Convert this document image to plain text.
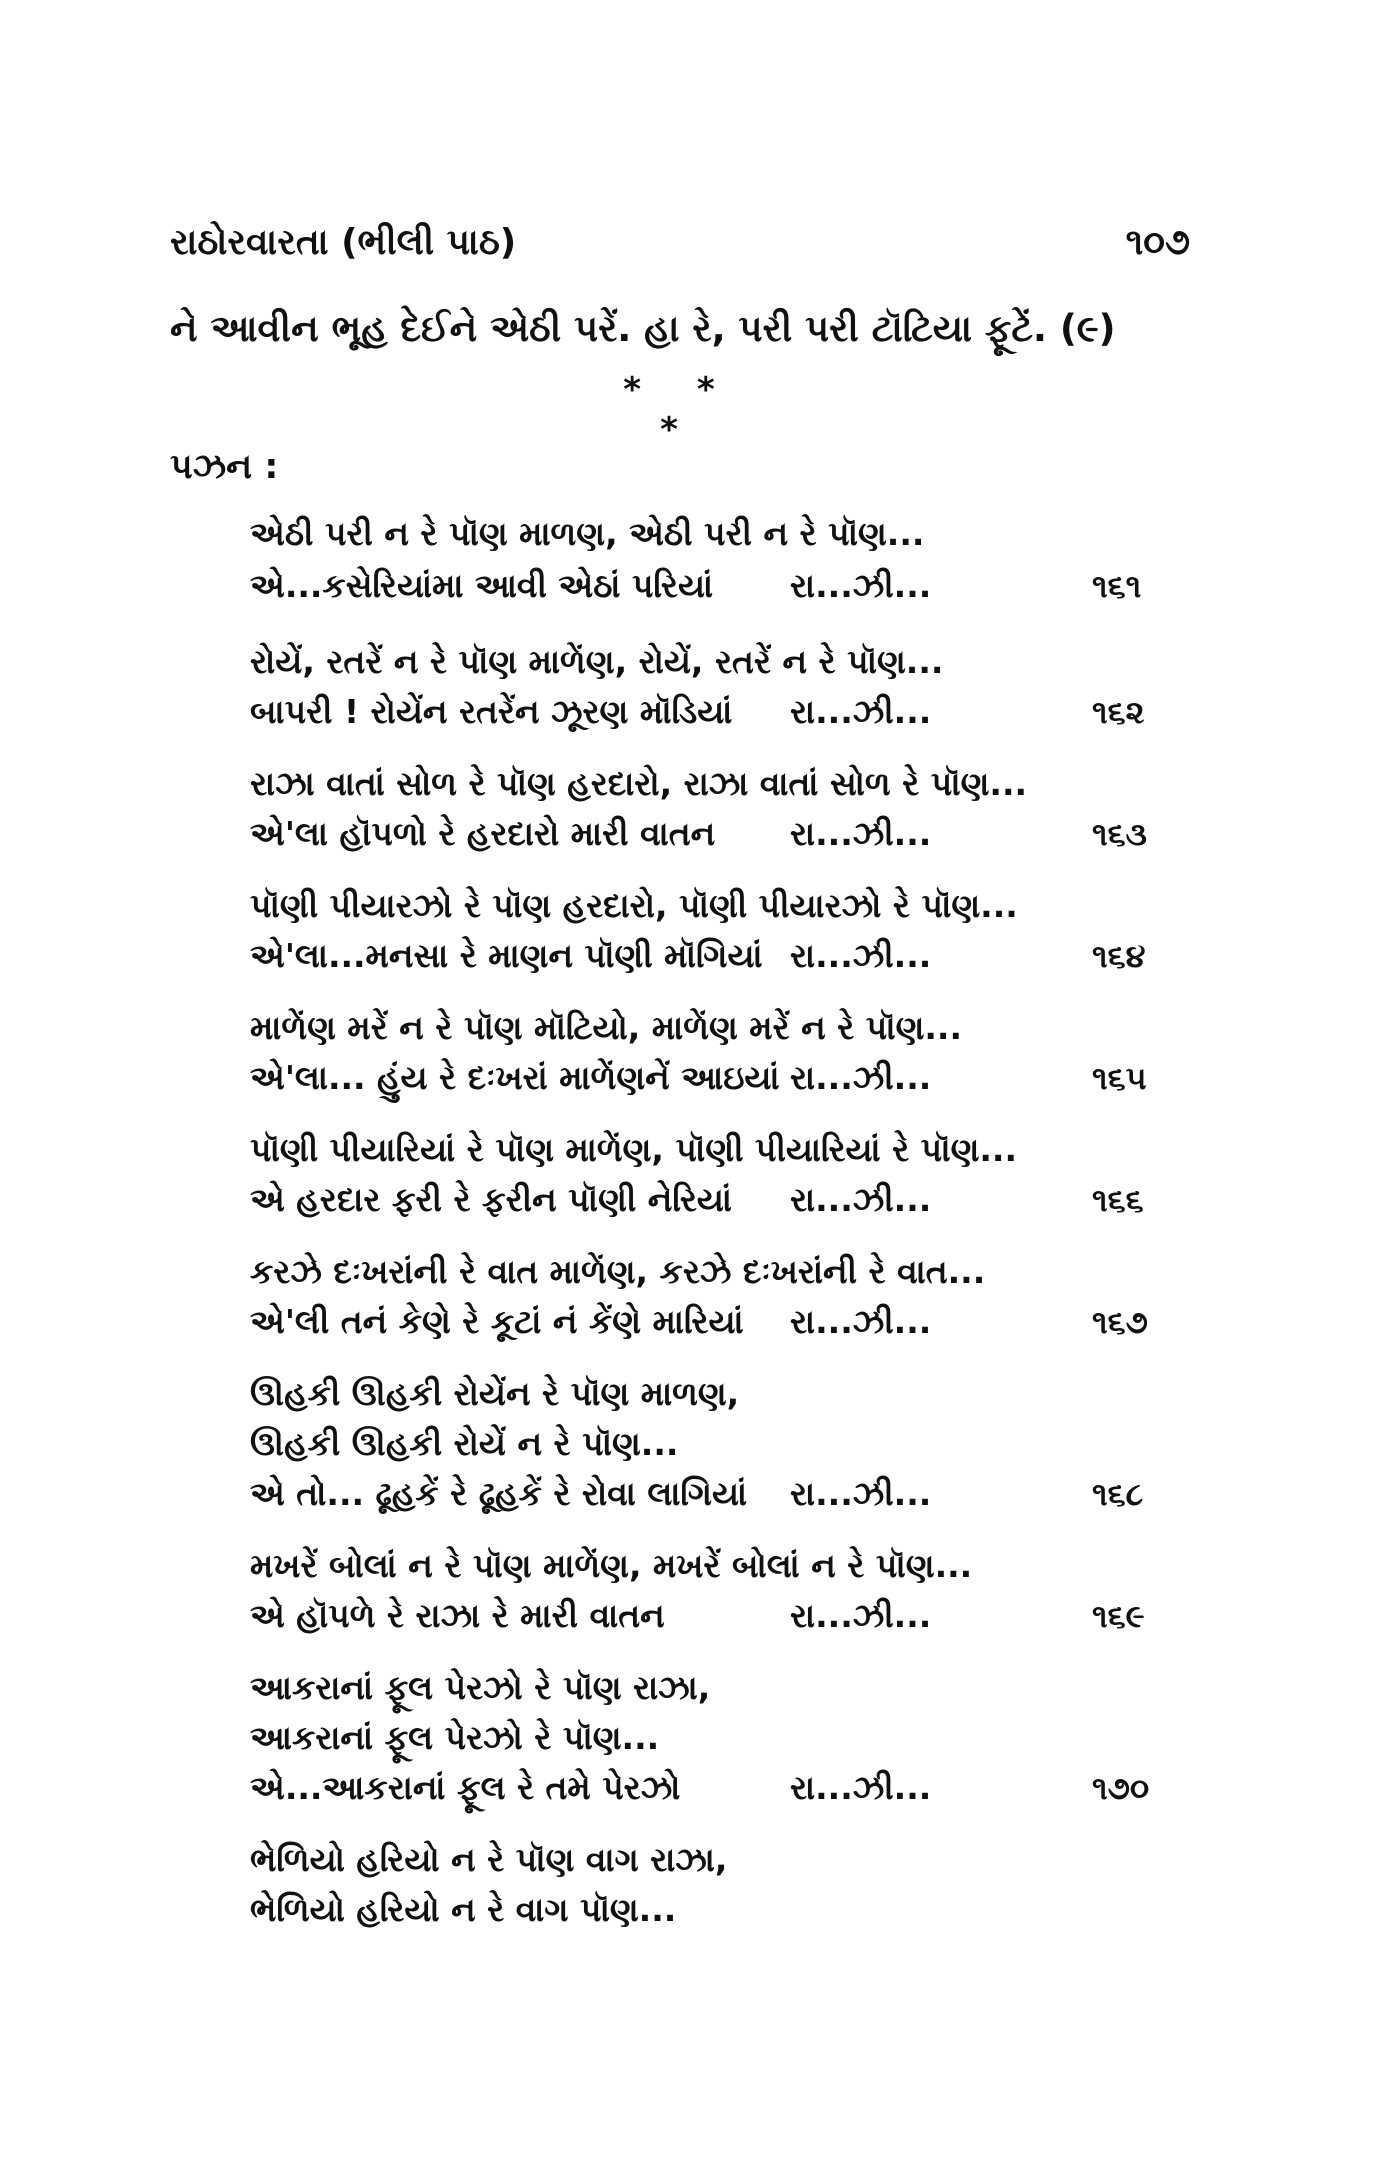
રાઠોરવારતા (ભીલી પાઠ)	૧૦૭
ને આવીન ભૂહ દેઈને એઠી પરેં. હા રે, પરી પરી ટૉટિયા ફૂટેં. (૯)
* * *
પઝન :
એઠી પરી ન રે પૉણ માળણ, એઠી પરી ન રે પૉણ...
એ...કસેરિયાંમા આવી એઠાં પરિયાં રા...ઝી...	૧૬૧
રોયેં, રતરેં ન રે પૉણ માળેંણ, રોયેં, રતરેં ન રે પૉણ...
બાપરી ! રોયેંન રતરેંન ઝૂરણ મૉડિયાં રા...ઝી...	૧૬૨
રાઝા વાતાં સોળ રે પૉણ હરદારો, રાઝા વાતાં સોળ રે પૉણ...
એ'લા હૉપળો રે હરદારો મારી વાતન રા...ઝી...	૧૬૩
પૉણી પીયારઝો રે પૉણ હરદારો, પૉણી પીયારઝો રે પૉણ...
એ'લા...મનસા રે માણન પૉણી મૉગિયાં રા...ઝી...	૧૬૪
માળેંણ મરેં ન રે પૉણ મૉટિયો, માળેંણ મરેં ન રે પૉણ...
એ'લા... હુંય રે દઃખરાં માળેંણનેં આઇયાં રા...ઝી...	૧૬૫
પૉણી પીયારિયાં રે પૉણ માળેંણ, પૉણી પીયારિયાં રે પૉણ...
એ હરદાર ફરી રે ફરીન પૉણી નેરિયાં રા...ઝી...	૧૬૬
કરઝે દઃખરાંની રે વાત માળેંણ, કરઝે દઃખરાંની રે વાત...
એ'લી તનં કેણે રે કૂટાં નં કેંણે મારિયાં રા...ઝી...	૧૬૭
ઊહકી ઊહકી રોયેંન રે પૉણ માળણ,
ઊહકી ઊહકી રોયેં ન રે પૉણ...
એ તો... ઢૂહકેં રે ઢૂહકેં રે રોવા લાગિયાં રા...ઝી...	૧૬૮
મખરેં બોલાં ન રે પૉણ માળેંણ, મખરેં બોલાં ન રે પૉણ...
એ હૉપળે રે રાઝા રે મારી વાતન	રા...ઝી...	૧૬૯
આકરાનાં ફૂલ પેરઝો રે પૉણ રાઝા,
આકરાનાં ફૂલ પેરઝો રે પૉણ...
એ...આકરાનાં ફૂલ રે તમે પેરઝો	રા...ઝી...	૧૭૦
ભેળિયો હરિયો ન રે પૉણ વાગ રાઝા,
ભેળિયો હરિયો ન રે વાગ પૉણ...
